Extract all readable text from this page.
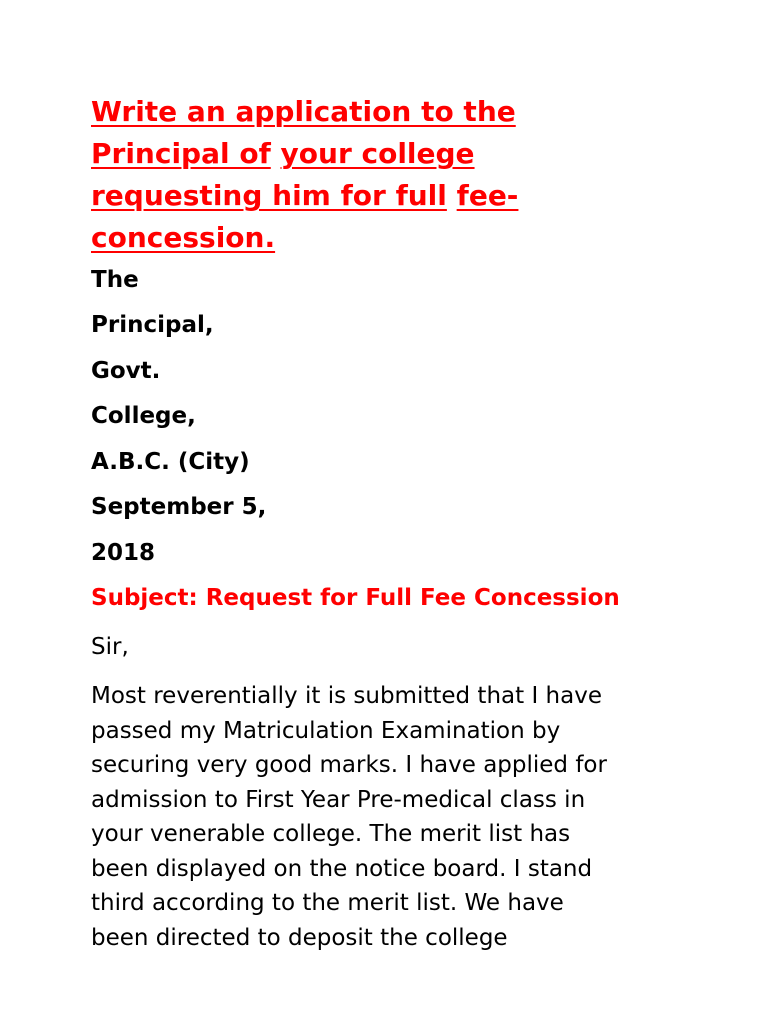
Write an application to the
Principal of your college
requesting him for full fee-
concession.

The

Principal,

Govt.

College,

A.B.C. (City)

September 5,

2018

Subject: Request for Full Fee Concession

Sir,

Most reverentially it is submitted that I have
passed my Matriculation Examination by
securing very good marks. I have applied for
admission to First Year Pre-medical class in
your venerable college. The merit list has
been displayed on the notice board. I stand
third according to the merit list. We have
been directed to deposit the college
